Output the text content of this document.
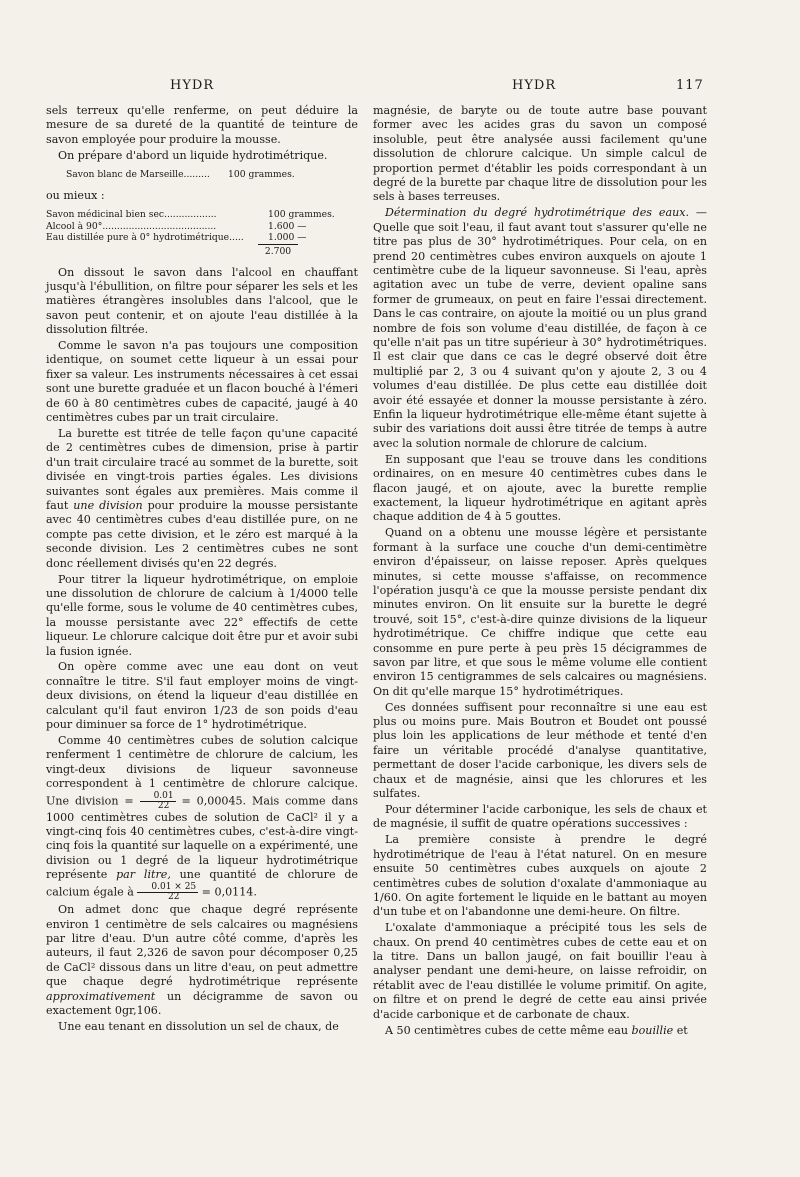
HYDR	HYDR	117

sels terreux qu'elle renferme, on peut déduire la mesure de sa dureté de la quantité de teinture de savon employée pour produire la mousse.

On prépare d'abord un liquide hydrotimétrique.

Savon blanc de Marseille......... 100 grammes.

ou mieux :

Savon médicinal bien sec..................	100 grammes.
Alcool à 90°.......................................	1.600 —
Eau distillée pure à 0° hydrotimétrique.....	1.000 —
2.700

On dissout le savon dans l'alcool en chauffant jusqu'à l'ébullition, on filtre pour séparer les sels et les matières étrangères insolubles dans l'alcool, que le savon peut contenir, et on ajoute l'eau distillée à la dissolution filtrée.

Comme le savon n'a pas toujours une composition identique, on soumet cette liqueur à un essai pour fixer sa valeur. Les instruments nécessaires à cet essai sont une burette graduée et un flacon bouché à l'émeri de 60 à 80 centimètres cubes de capacité, jaugé à 40 centimètres cubes par un trait circulaire.

La burette est titrée de telle façon qu'une capacité de 2 centimètres cubes de dimension, prise à partir d'un trait circulaire tracé au sommet de la burette, soit divisée en vingt-trois parties égales. Les divisions suivantes sont égales aux premières. Mais comme il faut une division pour produire la mousse persistante avec 40 centimètres cubes d'eau distillée pure, on ne compte pas cette division, et le zéro est marqué à la seconde division. Les 2 centimètres cubes ne sont donc réellement divisés qu'en 22 degrés.

Pour titrer la liqueur hydrotimétrique, on emploie une dissolution de chlorure de calcium à 1/4000 telle qu'elle forme, sous le volume de 40 centimètres cubes, la mousse persistante avec 22° effectifs de cette liqueur. Le chlorure calcique doit être pur et avoir subi la fusion ignée.

On opère comme avec une eau dont on veut connaître le titre. S'il faut employer moins de vingt-deux divisions, on étend la liqueur d'eau distillée en calculant qu'il faut environ 1/23 de son poids d'eau pour diminuer sa force de 1° hydrotimétrique.

Comme 40 centimètres cubes de solution calcique renferment 1 centimètre de chlorure de calcium, les vingt-deux divisions de liqueur savonneuse correspondent à 1 centimètre de chlorure calcique. Une division = $\frac{0.01}{22} = 0,00045$. Mais comme dans 1000 centimètres cubes de solution de CaCl² il y a vingt-cinq fois 40 centimètres cubes, c'est-à-dire vingt-cinq fois la quantité sur laquelle on a expérimenté, une division ou 1 degré de la liqueur hydrotimétrique représente par litre, une quantité de chlorure de calcium égale à $\frac{0.01 \times 25}{22} = 0,0114$.

On admet donc que chaque degré représente environ 1 centimètre de sels calcaires ou magnésiens par litre d'eau. D'un autre côté comme, d'après les auteurs, il faut 2,326 de savon pour décomposer 0,25 de CaCl² dissous dans un litre d'eau, on peut admettre que chaque degré hydrotimétrique représente approximativement un décigramme de savon ou exactement 0gr,106.

Une eau tenant en dissolution un sel de chaux, de

magnésie, de baryte ou de toute autre base pouvant former avec les acides gras du savon un composé insoluble, peut être analysée aussi facilement qu'une dissolution de chlorure calcique. Un simple calcul de proportion permet d'établir les poids correspondant à un degré de la burette par chaque litre de dissolution pour les sels à bases terreuses.

Détermination du degré hydrotimétrique des eaux. — Quelle que soit l'eau, il faut avant tout s'assurer qu'elle ne titre pas plus de 30° hydrotimétriques. Pour cela, on en prend 20 centimètres cubes environ auxquels on ajoute 1 centimètre cube de la liqueur savonneuse. Si l'eau, après agitation avec un tube de verre, devient opaline sans former de grumeaux, on peut en faire l'essai directement. Dans le cas contraire, on ajoute la moitié ou un plus grand nombre de fois son volume d'eau distillée, de façon à ce qu'elle n'ait pas un titre supérieur à 30° hydrotimétriques. Il est clair que dans ce cas le degré observé doit être multiplié par 2, 3 ou 4 suivant qu'on y ajoute 2, 3 ou 4 volumes d'eau distillée. De plus cette eau distillée doit avoir été essayée et donner la mousse persistante à zéro. Enfin la liqueur hydrotimétrique elle-même étant sujette à subir des variations doit aussi être titrée de temps à autre avec la solution normale de chlorure de calcium.

En supposant que l'eau se trouve dans les conditions ordinaires, on en mesure 40 centimètres cubes dans le flacon jaugé, et on ajoute, avec la burette remplie exactement, la liqueur hydrotimétrique en agitant après chaque addition de 4 à 5 gouttes.

Quand on a obtenu une mousse légère et persistante formant à la surface une couche d'un demi-centimètre environ d'épaisseur, on laisse reposer. Après quelques minutes, si cette mousse s'affaisse, on recommence l'opération jusqu'à ce que la mousse persiste pendant dix minutes environ. On lit ensuite sur la burette le degré trouvé, soit 15°, c'est-à-dire quinze divisions de la liqueur hydrotimétrique. Ce chiffre indique que cette eau consomme en pure perte à peu près 15 décigrammes de savon par litre, et que sous le même volume elle contient environ 15 centigrammes de sels calcaires ou magnésiens. On dit qu'elle marque 15° hydrotimétriques.

Ces données suffisent pour reconnaître si une eau est plus ou moins pure. Mais Boutron et Boudet ont poussé plus loin les applications de leur méthode et tenté d'en faire un véritable procédé d'analyse quantitative, permettant de doser l'acide carbonique, les divers sels de chaux et de magnésie, ainsi que les chlorures et les sulfates.

Pour déterminer l'acide carbonique, les sels de chaux et de magnésie, il suffit de quatre opérations successives :

La première consiste à prendre le degré hydrotimétrique de l'eau à l'état naturel. On en mesure ensuite 50 centimètres cubes auxquels on ajoute 2 centimètres cubes de solution d'oxalate d'ammoniaque au 1/60. On agite fortement le liquide en le battant au moyen d'un tube et on l'abandonne une demi-heure. On filtre.

L'oxalate d'ammoniaque a précipité tous les sels de chaux. On prend 40 centimètres cubes de cette eau et on la titre. Dans un ballon jaugé, on fait bouillir l'eau à analyser pendant une demi-heure, on laisse refroidir, on rétablit avec de l'eau distillée le volume primitif. On agite, on filtre et on prend le degré de cette eau ainsi privée d'acide carbonique et de carbonate de chaux.

A 50 centimètres cubes de cette même eau bouillie et
